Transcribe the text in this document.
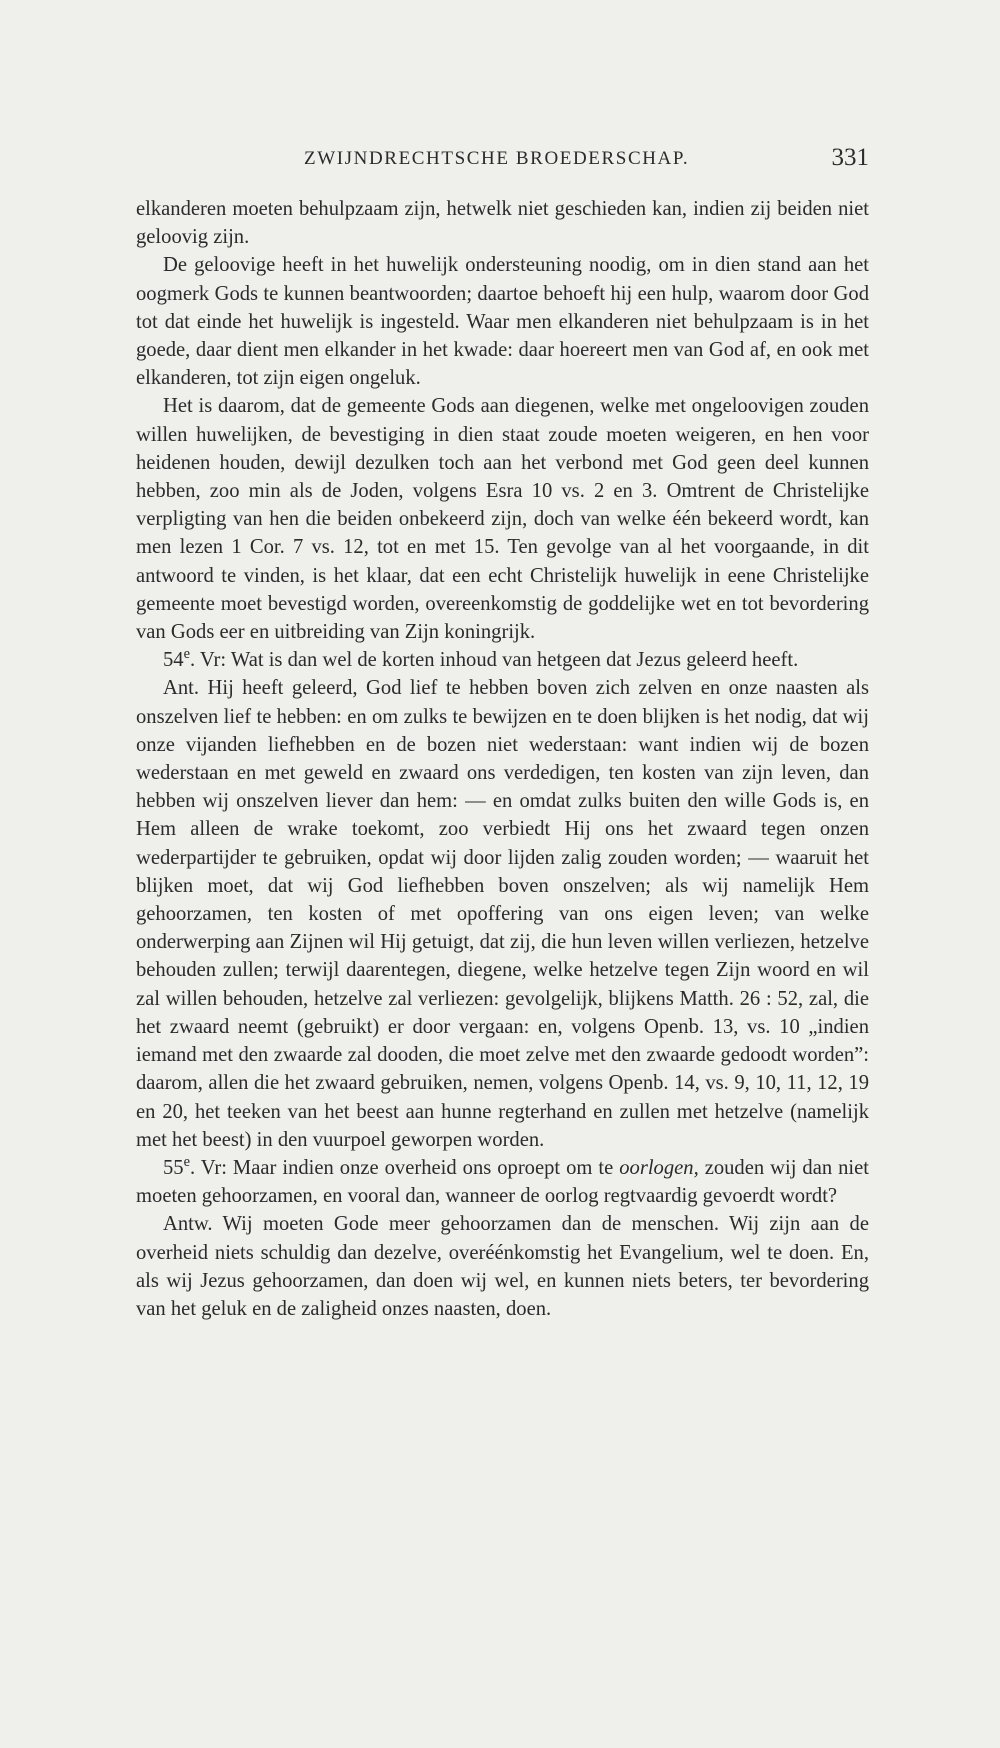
ZWIJNDRECHTSCHE BROEDERSCHAP.	331

elkanderen moeten behulpzaam zijn, hetwelk niet geschieden kan, indien zij beiden niet geloovig zijn.

De geloovige heeft in het huwelijk ondersteuning noodig, om in dien stand aan het oogmerk Gods te kunnen beantwoorden; daartoe behoeft hij een hulp, waarom door God tot dat einde het huwelijk is ingesteld. Waar men elkanderen niet behulpzaam is in het goede, daar dient men elkander in het kwade: daar hoereert men van God af, en ook met elkanderen, tot zijn eigen ongeluk.

Het is daarom, dat de gemeente Gods aan diegenen, welke met ongeloovigen zouden willen huwelijken, de bevestiging in dien staat zoude moeten weigeren, en hen voor heidenen houden, dewijl dezulken toch aan het verbond met God geen deel kunnen hebben, zoo min als de Joden, volgens Esra 10 vs. 2 en 3. Omtrent de Christelijke verpligting van hen die beiden onbekeerd zijn, doch van welke één bekeerd wordt, kan men lezen 1 Cor. 7 vs. 12, tot en met 15. Ten gevolge van al het voorgaande, in dit antwoord te vinden, is het klaar, dat een echt Christelijk huwelijk in eene Christelijke gemeente moet bevestigd worden, overeenkomstig de goddelijke wet en tot bevordering van Gods eer en uitbreiding van Zijn koningrijk.

54e. Vr: Wat is dan wel de korten inhoud van hetgeen dat Jezus geleerd heeft.

Ant. Hij heeft geleerd, God lief te hebben boven zich zelven en onze naasten als onszelven lief te hebben: en om zulks te bewijzen en te doen blijken is het nodig, dat wij onze vijanden liefhebben en de bozen niet wederstaan: want indien wij de bozen wederstaan en met geweld en zwaard ons verdedigen, ten kosten van zijn leven, dan hebben wij onszelven liever dan hem: — en omdat zulks buiten den wille Gods is, en Hem alleen de wrake toekomt, zoo verbiedt Hij ons het zwaard tegen onzen wederpartijder te gebruiken, opdat wij door lijden zalig zouden worden; — waaruit het blijken moet, dat wij God liefhebben boven onszelven; als wij namelijk Hem gehoorzamen, ten kosten of met opoffering van ons eigen leven; van welke onderwerping aan Zijnen wil Hij getuigt, dat zij, die hun leven willen verliezen, hetzelve behouden zullen; terwijl daarentegen, diegene, welke hetzelve tegen Zijn woord en wil zal willen behouden, hetzelve zal verliezen: gevolgelijk, blijkens Matth. 26 : 52, zal, die het zwaard neemt (gebruikt) er door vergaan: en, volgens Openb. 13, vs. 10 „indien iemand met den zwaarde zal dooden, die moet zelve met den zwaarde gedoodt worden”: daarom, allen die het zwaard gebruiken, nemen, volgens Openb. 14, vs. 9, 10, 11, 12, 19 en 20, het teeken van het beest aan hunne regterhand en zullen met hetzelve (namelijk met het beest) in den vuurpoel geworpen worden.

55e. Vr: Maar indien onze overheid ons oproept om te oorlogen, zouden wij dan niet moeten gehoorzamen, en vooral dan, wanneer de oorlog regtvaardig gevoerdt wordt?

Antw. Wij moeten Gode meer gehoorzamen dan de menschen. Wij zijn aan de overheid niets schuldig dan dezelve, overéénkomstig het Evangelium, wel te doen. En, als wij Jezus gehoorzamen, dan doen wij wel, en kunnen niets beters, ter bevordering van het geluk en de zaligheid onzes naasten, doen.
